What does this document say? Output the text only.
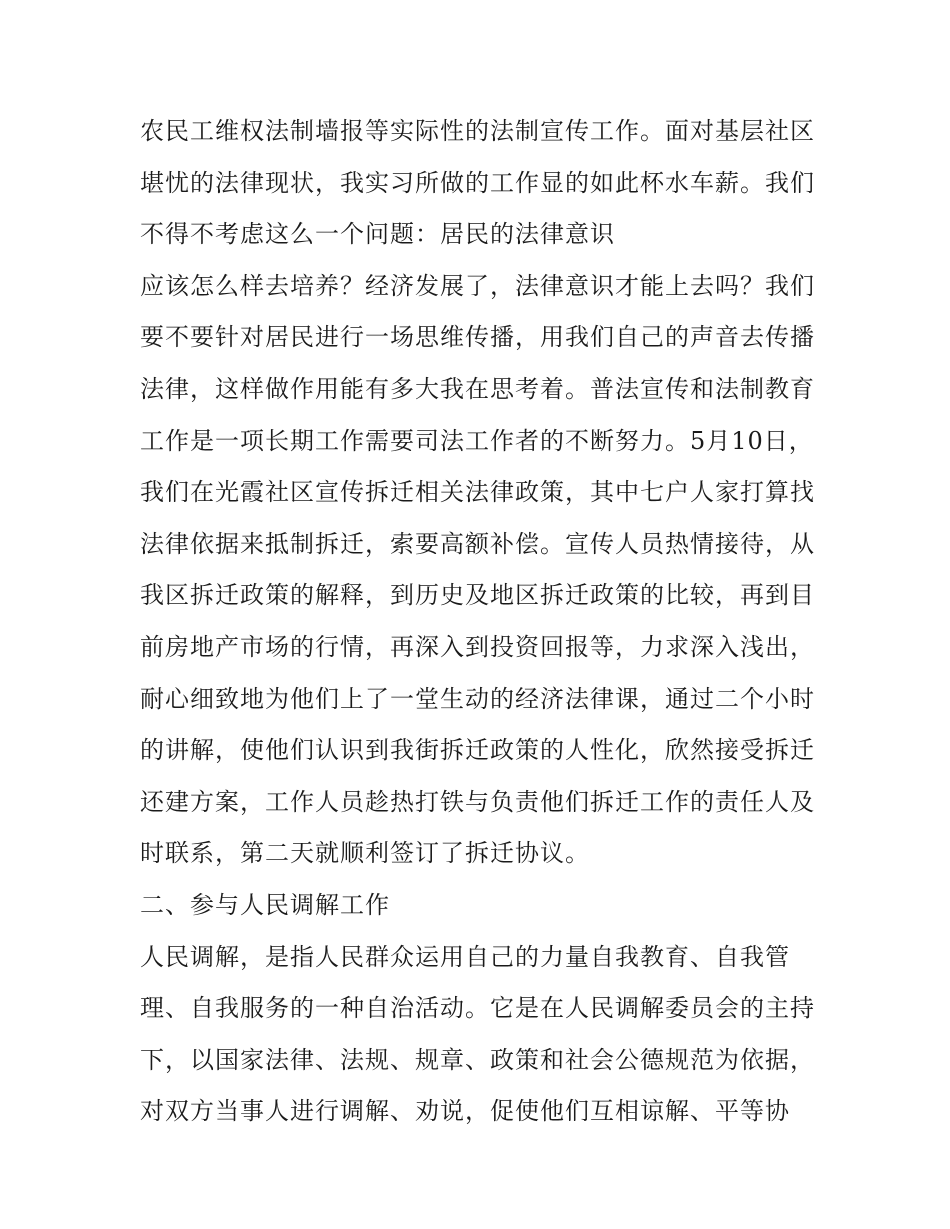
农民工维权法制墙报等实际性的法制宣传工作。面对基层社区
堪忧的法律现状，我实习所做的工作显的如此杯水车薪。我们
不得不考虑这么一个问题：居民的法律意识
应该怎么样去培养？经济发展了，法律意识才能上去吗？我们
要不要针对居民进行一场思维传播，用我们自己的声音去传播
法律，这样做作用能有多大我在思考着。普法宣传和法制教育
工作是一项长期工作需要司法工作者的不断努力。5月10日，
我们在光霞社区宣传拆迁相关法律政策，其中七户人家打算找
法律依据来抵制拆迁，索要高额补偿。宣传人员热情接待，从
我区拆迁政策的解释，到历史及地区拆迁政策的比较，再到目
前房地产市场的行情，再深入到投资回报等，力求深入浅出，
耐心细致地为他们上了一堂生动的经济法律课，通过二个小时
的讲解，使他们认识到我街拆迁政策的人性化，欣然接受拆迁
还建方案，工作人员趁热打铁与负责他们拆迁工作的责任人及
时联系，第二天就顺利签订了拆迁协议。
二、参与人民调解工作
人民调解，是指人民群众运用自己的力量自我教育、自我管
理、自我服务的一种自治活动。它是在人民调解委员会的主持
下，以国家法律、法规、规章、政策和社会公德规范为依据，
对双方当事人进行调解、劝说，促使他们互相谅解、平等协
